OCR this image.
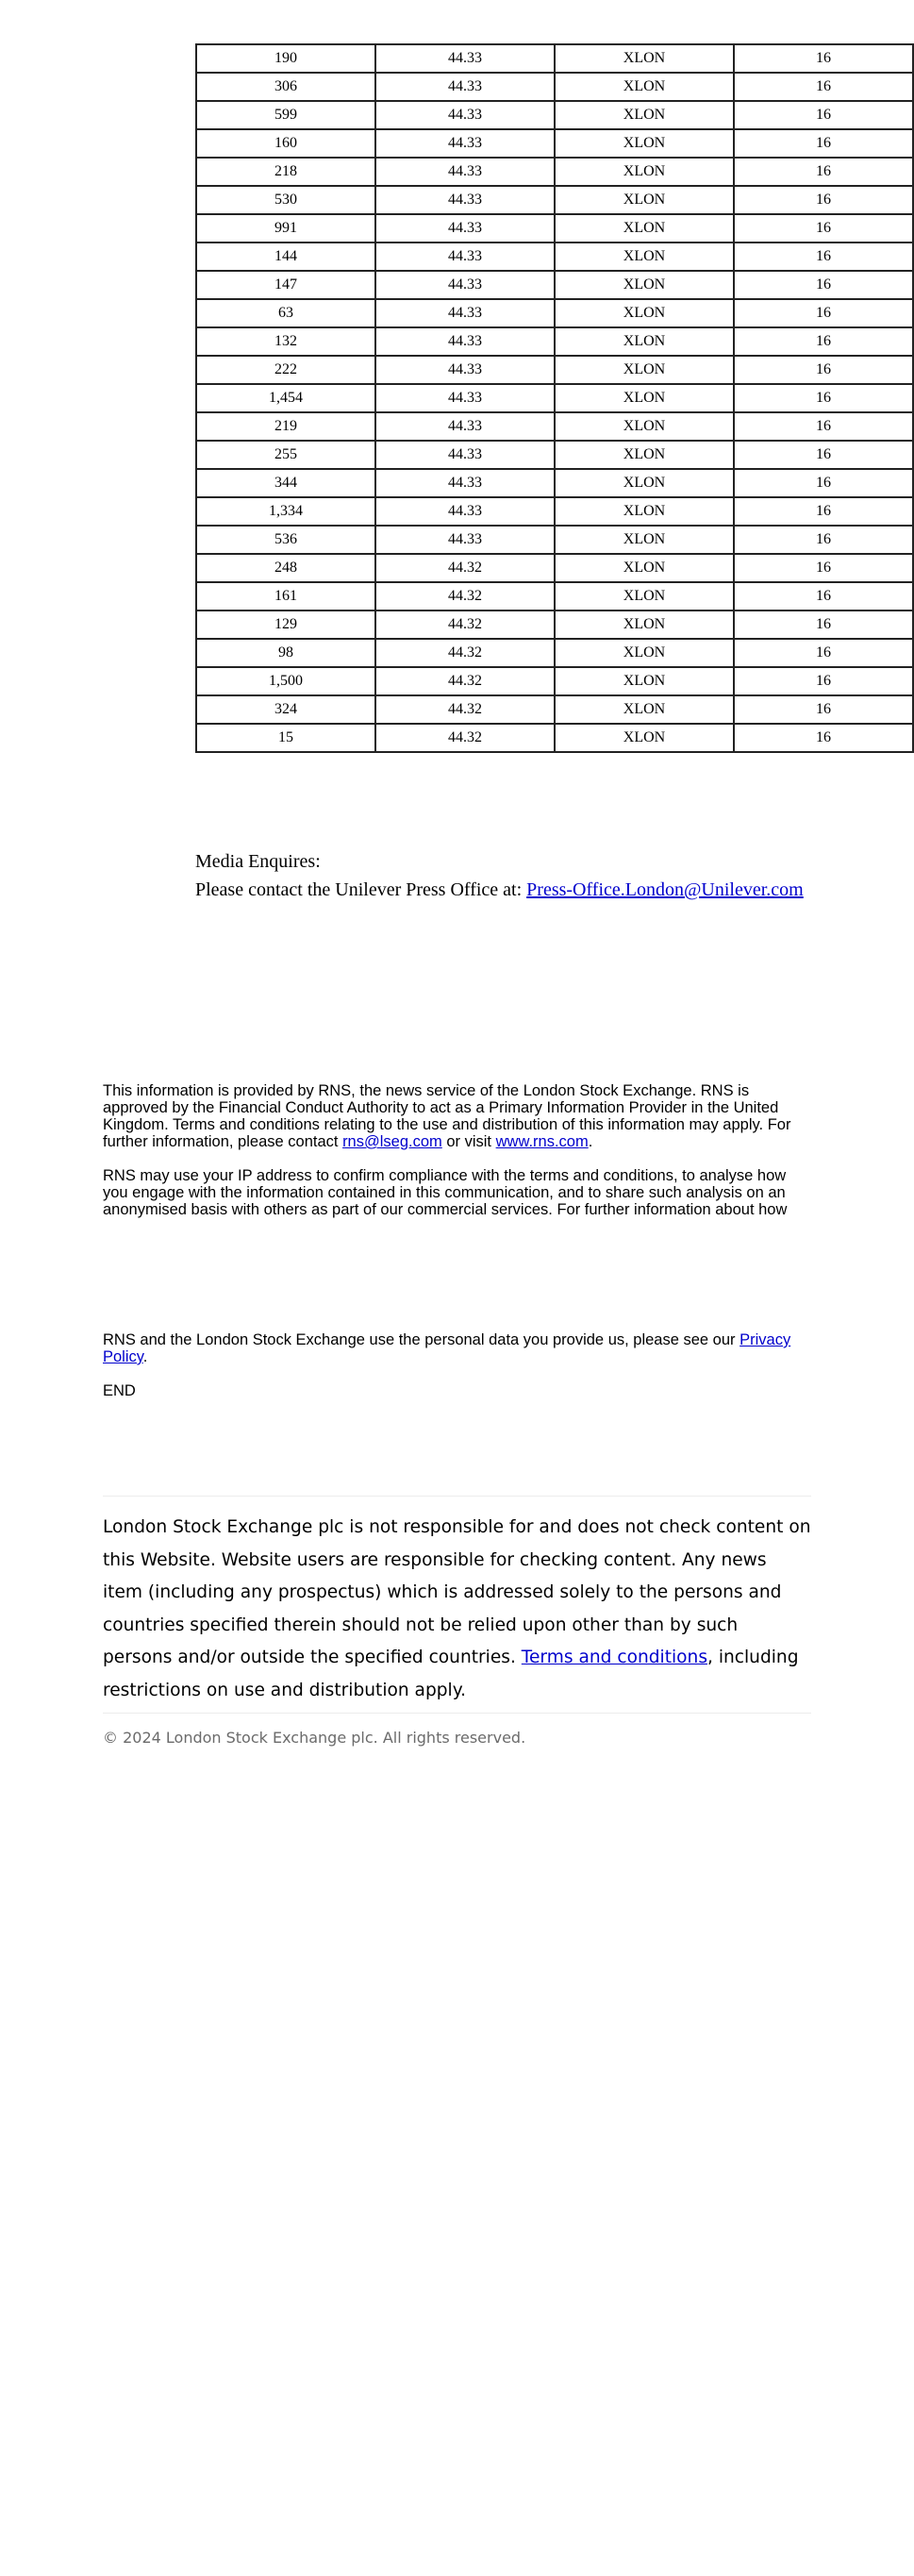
190	44.33	XLON	16
306	44.33	XLON	16
599	44.33	XLON	16
160	44.33	XLON	16
218	44.33	XLON	16
530	44.33	XLON	16
991	44.33	XLON	16
144	44.33	XLON	16
147	44.33	XLON	16
63	44.33	XLON	16
132	44.33	XLON	16
222	44.33	XLON	16
1,454	44.33	XLON	16
219	44.33	XLON	16
255	44.33	XLON	16
344	44.33	XLON	16
1,334	44.33	XLON	16
536	44.33	XLON	16
248	44.32	XLON	16
161	44.32	XLON	16
129	44.32	XLON	16
98	44.32	XLON	16
1,500	44.32	XLON	16
324	44.32	XLON	16
15	44.32	XLON	16
Media Enquires:
Please contact the Unilever Press Office at: Press-Office.London@Unilever.com

This information is provided by RNS, the news service of the London Stock Exchange. RNS is approved by the Financial Conduct Authority to act as a Primary Information Provider in the United Kingdom. Terms and conditions relating to the use and distribution of this information may apply. For further information, please contact rns@lseg.com or visit www.rns.com.

RNS may use your IP address to confirm compliance with the terms and conditions, to analyse how you engage with the information contained in this communication, and to share such analysis on an anonymised basis with others as part of our commercial services. For further information about how

RNS and the London Stock Exchange use the personal data you provide us, please see our Privacy Policy.

END

London Stock Exchange plc is not responsible for and does not check content on this Website. Website users are responsible for checking content. Any news item (including any prospectus) which is addressed solely to the persons and countries specified therein should not be relied upon other than by such persons and/or outside the specified countries. Terms and conditions, including restrictions on use and distribution apply.
© 2024 London Stock Exchange plc. All rights reserved.
